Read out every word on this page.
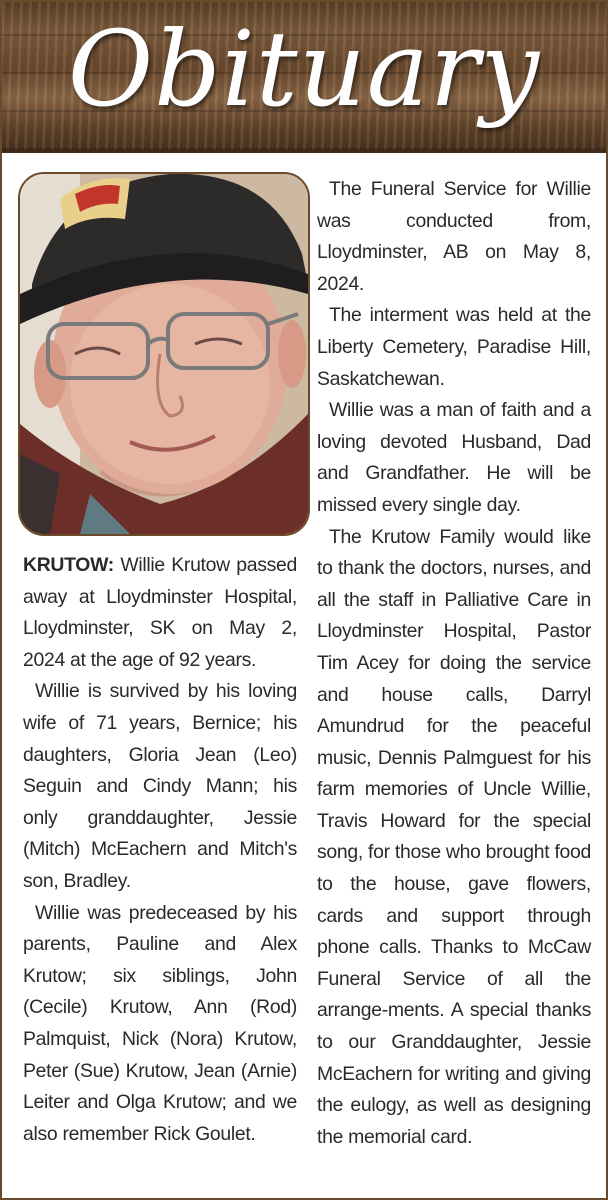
Obituary

KRUTOW: Willie Krutow passed away at Lloydminster Hospital, Lloydminster, SK on May 2, 2024 at the age of 92 years.

Willie is survived by his loving wife of 71 years, Bernice; his daughters, Gloria Jean (Leo) Seguin and Cindy Mann; his only granddaughter, Jessie (Mitch) McEachern and Mitch's son, Bradley.

Willie was predeceased by his parents, Pauline and Alex Krutow; six siblings, John (Cecile) Krutow, Ann (Rod) Palmquist, Nick (Nora) Krutow, Peter (Sue) Krutow, Jean (Arnie) Leiter and Olga Krutow; and we also remember Rick Goulet.

The Funeral Service for Willie was conducted from, Lloydminster, AB on May 8, 2024.

The interment was held at the Liberty Cemetery, Paradise Hill, Saskatchewan.

Willie was a man of faith and a loving devoted Husband, Dad and Grandfather. He will be missed every single day.

The Krutow Family would like to thank the doctors, nurses, and all the staff in Palliative Care in Lloydminster Hospital, Pastor Tim Acey for doing the service and house calls, Darryl Amundrud for the peaceful music, Dennis Palmguest for his farm memories of Uncle Willie, Travis Howard for the special song, for those who brought food to the house, gave flowers, cards and support through phone calls. Thanks to McCaw Funeral Service of all the arrange-ments. A special thanks to our Granddaughter, Jessie McEachern for writing and giving the eulogy, as well as designing the memorial card.
